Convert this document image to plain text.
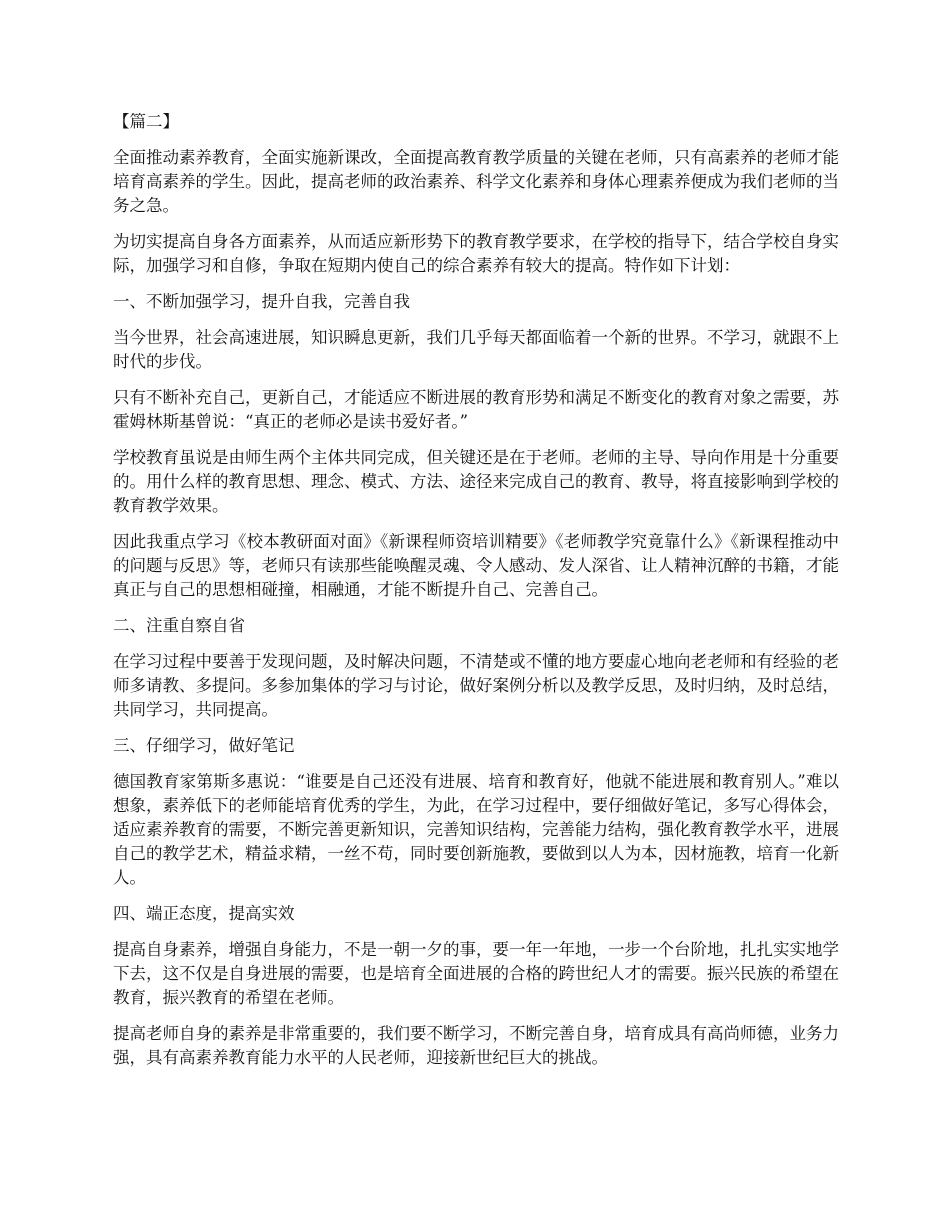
【篇二】

全面推动素养教育，全面实施新课改，全面提高教育教学质量的关键在老师，只有高素养的老师才能培育高素养的学生。因此，提高老师的政治素养、科学文化素养和身体心理素养便成为我们老师的当务之急。

为切实提高自身各方面素养，从而适应新形势下的教育教学要求，在学校的指导下，结合学校自身实际，加强学习和自修，争取在短期内使自己的综合素养有较大的提高。特作如下计划：

一、不断加强学习，提升自我，完善自我

当今世界，社会高速进展，知识瞬息更新，我们几乎每天都面临着一个新的世界。不学习，就跟不上时代的步伐。

只有不断补充自己，更新自己，才能适应不断进展的教育形势和满足不断变化的教育对象之需要，苏霍姆林斯基曾说：“真正的老师必是读书爱好者。”

学校教育虽说是由师生两个主体共同完成，但关键还是在于老师。老师的主导、导向作用是十分重要的。用什么样的教育思想、理念、模式、方法、途径来完成自己的教育、教导，将直接影响到学校的教育教学效果。

因此我重点学习《校本教研面对面》《新课程师资培训精要》《老师教学究竟靠什么》《新课程推动中的问题与反思》等，老师只有读那些能唤醒灵魂、令人感动、发人深省、让人精神沉醉的书籍，才能真正与自己的思想相碰撞，相融通，才能不断提升自己、完善自己。

二、注重自察自省

在学习过程中要善于发现问题，及时解决问题，不清楚或不懂的地方要虚心地向老老师和有经验的老师多请教、多提问。多参加集体的学习与讨论，做好案例分析以及教学反思，及时归纳，及时总结，共同学习，共同提高。

三、仔细学习，做好笔记

德国教育家第斯多惠说：“谁要是自己还没有进展、培育和教育好，他就不能进展和教育别人。”难以想象，素养低下的老师能培育优秀的学生，为此，在学习过程中，要仔细做好笔记，多写心得体会，适应素养教育的需要，不断完善更新知识，完善知识结构，完善能力结构，强化教育教学水平，进展自己的教学艺术，精益求精，一丝不苟，同时要创新施教，要做到以人为本，因材施教，培育一化新人。

四、端正态度，提高实效

提高自身素养，增强自身能力，不是一朝一夕的事，要一年一年地，一步一个台阶地，扎扎实实地学下去，这不仅是自身进展的需要，也是培育全面进展的合格的跨世纪人才的需要。振兴民族的希望在教育，振兴教育的希望在老师。

提高老师自身的素养是非常重要的，我们要不断学习，不断完善自身，培育成具有高尚师德，业务力强，具有高素养教育能力水平的人民老师，迎接新世纪巨大的挑战。
